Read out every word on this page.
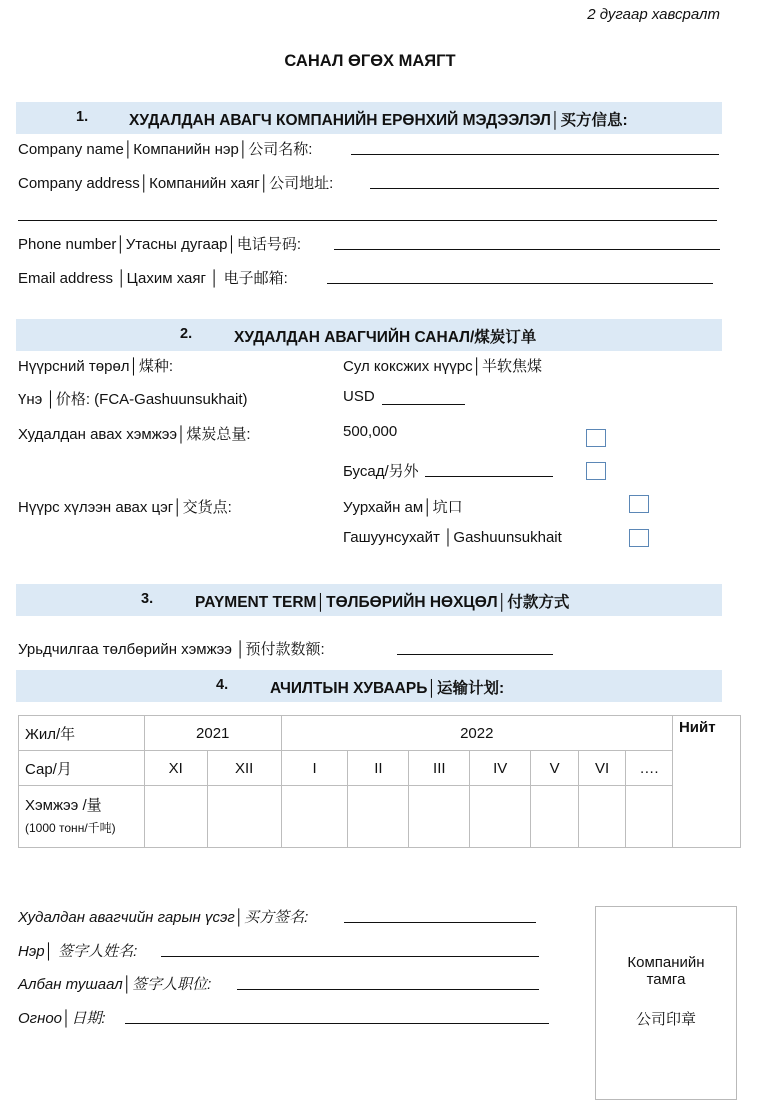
2 дугаар хавсралт
САНАЛ ӨГӨХ МАЯГТ
1.	ХУДАЛДАН АВАГЧ КОМПАНИЙН ЕРӨНХИЙ МЭДЭЭЛЭЛ│买方信息:
Company name│Компанийн нэр│公司名称:
Company address│Компанийн хаяг│公司地址:
Phone number│Утасны дугаар│电话号码:
Email address │Цахим хаяг │ 电子邮箱:
2.	ХУДАЛДАН АВАГЧИЙН САНАЛ/煤炭订单
Нүүрсний төрөл│煤种:	Сул коксжих нүүрс│半软焦煤
Үнэ │价格: (FCA-Gashuunsukhait)	USD
Худалдан авах хэмжээ│煤炭总量:	500,000
Бусад/另外
Нүүрс хүлээн авах цэг│交货点:	Уурхайн ам│坑口
Гашуунсухайт │Gashuunsukhait
3.	PAYMENT TERM│ТӨЛБӨРИЙН НӨХЦӨЛ│付款方式
Урьдчилгаа төлбөрийн хэмжээ │预付款数额:
4.	АЧИЛТЫН ХУВААРЬ│运输计划:
Жил/年	2021		2022							Нийт
Сар/月	XI	XII	I	II	III	IV	V	VI	….	

Хэмжээ /量
(1000 тонн/千吨)										

Худалдан авагчийн гарын үсэг│买方签名:
Нэр│ 签字人姓名:
Албан тушаал│签字人职位:
Огноо│日期:
Компанийн
тамга
公司印章
